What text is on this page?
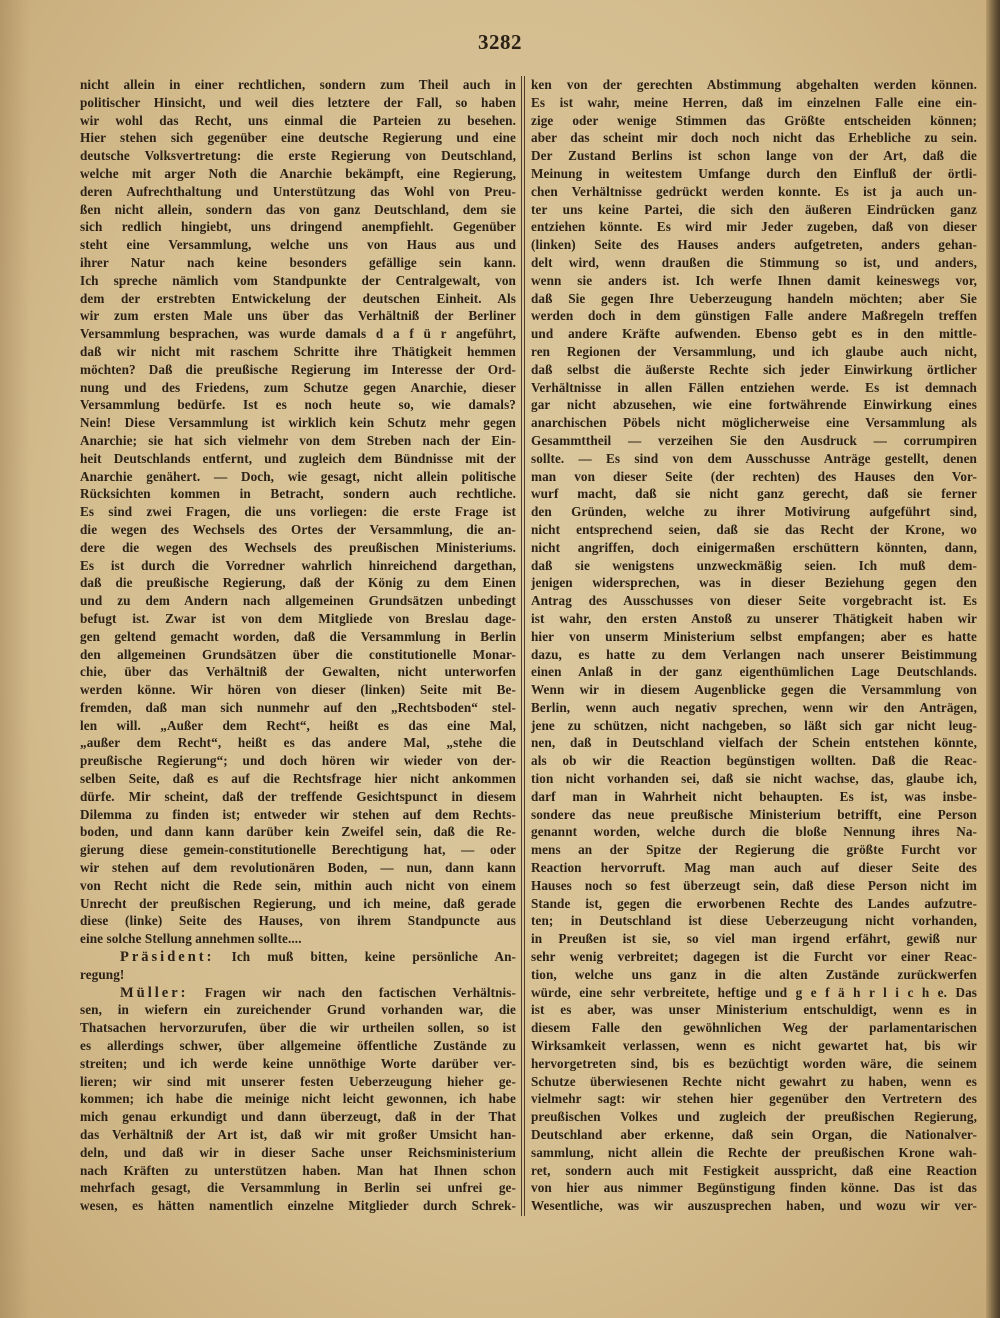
3282
nicht allein in einer rechtlichen, sondern zum Theil auch in
politischer Hinsicht, und weil dies letztere der Fall, so haben
wir wohl das Recht, uns einmal die Parteien zu besehen.
Hier stehen sich gegenüber eine deutsche Regierung und eine
deutsche Volksvertretung: die erste Regierung von Deutschland,
welche mit arger Noth die Anarchie bekämpft, eine Regierung,
deren Aufrechthaltung und Unterstützung das Wohl von Preu-
ßen nicht allein, sondern das von ganz Deutschland, dem sie
sich redlich hingiebt, uns dringend anempfiehlt. Gegenüber
steht eine Versammlung, welche uns von Haus aus und
ihrer Natur nach keine besonders gefällige sein kann.
Ich spreche nämlich vom Standpunkte der Centralgewalt, von
dem der erstrebten Entwickelung der deutschen Einheit. Als
wir zum ersten Male uns über das Verhältniß der Berliner
Versammlung besprachen, was wurde damals d a f ü r angeführt,
daß wir nicht mit raschem Schritte ihre Thätigkeit hemmen
möchten? Daß die preußische Regierung im Interesse der Ord-
nung und des Friedens, zum Schutze gegen Anarchie, dieser
Versammlung bedürfe. Ist es noch heute so, wie damals?
Nein! Diese Versammlung ist wirklich kein Schutz mehr gegen
Anarchie; sie hat sich vielmehr von dem Streben nach der Ein-
heit Deutschlands entfernt, und zugleich dem Bündnisse mit der
Anarchie genähert. — Doch, wie gesagt, nicht allein politische
Rücksichten kommen in Betracht, sondern auch rechtliche.
Es sind zwei Fragen, die uns vorliegen: die erste Frage ist
die wegen des Wechsels des Ortes der Versammlung, die an-
dere die wegen des Wechsels des preußischen Ministeriums.
Es ist durch die Vorredner wahrlich hinreichend dargethan,
daß die preußische Regierung, daß der König zu dem Einen
und zu dem Andern nach allgemeinen Grundsätzen unbedingt
befugt ist. Zwar ist von dem Mitgliede von Breslau dage-
gen geltend gemacht worden, daß die Versammlung in Berlin
den allgemeinen Grundsätzen über die constitutionelle Monar-
chie, über das Verhältniß der Gewalten, nicht unterworfen
werden könne. Wir hören von dieser (linken) Seite mit Be-
fremden, daß man sich nunmehr auf den „Rechtsboden“ stel-
len will. „Außer dem Recht“, heißt es das eine Mal,
„außer dem Recht“, heißt es das andere Mal, „stehe die
preußische Regierung“; und doch hören wir wieder von der-
selben Seite, daß es auf die Rechtsfrage hier nicht ankommen
dürfe. Mir scheint, daß der treffende Gesichtspunct in diesem
Dilemma zu finden ist; entweder wir stehen auf dem Rechts-
boden, und dann kann darüber kein Zweifel sein, daß die Re-
gierung diese gemein-constitutionelle Berechtigung hat, — oder
wir stehen auf dem revolutionären Boden, — nun, dann kann
von Recht nicht die Rede sein, mithin auch nicht von einem
Unrecht der preußischen Regierung, und ich meine, daß gerade
diese (linke) Seite des Hauses, von ihrem Standpuncte aus
eine solche Stellung annehmen sollte....
Präsident: Ich muß bitten, keine persönliche An-
regung!
Müller: Fragen wir nach den factischen Verhältnis-
sen, in wiefern ein zureichender Grund vorhanden war, die
Thatsachen hervorzurufen, über die wir urtheilen sollen, so ist
es allerdings schwer, über allgemeine öffentliche Zustände zu
streiten; und ich werde keine unnöthige Worte darüber ver-
lieren; wir sind mit unserer festen Ueberzeugung hieher ge-
kommen; ich habe die meinige nicht leicht gewonnen, ich habe
mich genau erkundigt und dann überzeugt, daß in der That
das Verhältniß der Art ist, daß wir mit großer Umsicht han-
deln, und daß wir in dieser Sache unser Reichsministerium
nach Kräften zu unterstützen haben. Man hat Ihnen schon
mehrfach gesagt, die Versammlung in Berlin sei unfrei ge-
wesen, es hätten namentlich einzelne Mitglieder durch Schrek-
ken von der gerechten Abstimmung abgehalten werden können.
Es ist wahr, meine Herren, daß im einzelnen Falle eine ein-
zige oder wenige Stimmen das Größte entscheiden können;
aber das scheint mir doch noch nicht das Erhebliche zu sein.
Der Zustand Berlins ist schon lange von der Art, daß die
Meinung in weitestem Umfange durch den Einfluß der örtli-
chen Verhältnisse gedrückt werden konnte. Es ist ja auch un-
ter uns keine Partei, die sich den äußeren Eindrücken ganz
entziehen könnte. Es wird mir Jeder zugeben, daß von dieser
(linken) Seite des Hauses anders aufgetreten, anders gehan-
delt wird, wenn draußen die Stimmung so ist, und anders,
wenn sie anders ist. Ich werfe Ihnen damit keineswegs vor,
daß Sie gegen Ihre Ueberzeugung handeln möchten; aber Sie
werden doch in dem günstigen Falle andere Maßregeln treffen
und andere Kräfte aufwenden. Ebenso gebt es in den mittle-
ren Regionen der Versammlung, und ich glaube auch nicht,
daß selbst die äußerste Rechte sich jeder Einwirkung örtlicher
Verhältnisse in allen Fällen entziehen werde. Es ist demnach
gar nicht abzusehen, wie eine fortwährende Einwirkung eines
anarchischen Pöbels nicht möglicherweise eine Versammlung als
Gesammttheil — verzeihen Sie den Ausdruck — corrumpiren
sollte. — Es sind von dem Ausschusse Anträge gestellt, denen
man von dieser Seite (der rechten) des Hauses den Vor-
wurf macht, daß sie nicht ganz gerecht, daß sie ferner
den Gründen, welche zu ihrer Motivirung aufgeführt sind,
nicht entsprechend seien, daß sie das Recht der Krone, wo
nicht angriffen, doch einigermaßen erschüttern könnten, dann,
daß sie wenigstens unzweckmäßig seien. Ich muß dem-
jenigen widersprechen, was in dieser Beziehung gegen den
Antrag des Ausschusses von dieser Seite vorgebracht ist. Es
ist wahr, den ersten Anstoß zu unserer Thätigkeit haben wir
hier von unserm Ministerium selbst empfangen; aber es hatte
dazu, es hatte zu dem Verlangen nach unserer Beistimmung
einen Anlaß in der ganz eigenthümlichen Lage Deutschlands.
Wenn wir in diesem Augenblicke gegen die Versammlung von
Berlin, wenn auch negativ sprechen, wenn wir den Anträgen,
jene zu schützen, nicht nachgeben, so läßt sich gar nicht leug-
nen, daß in Deutschland vielfach der Schein entstehen könnte,
als ob wir die Reaction begünstigen wollten. Daß die Reac-
tion nicht vorhanden sei, daß sie nicht wachse, das, glaube ich,
darf man in Wahrheit nicht behaupten. Es ist, was insbe-
sondere das neue preußische Ministerium betrifft, eine Person
genannt worden, welche durch die bloße Nennung ihres Na-
mens an der Spitze der Regierung die größte Furcht vor
Reaction hervorruft. Mag man auch auf dieser Seite des
Hauses noch so fest überzeugt sein, daß diese Person nicht im
Stande ist, gegen die erworbenen Rechte des Landes aufzutre-
ten; in Deutschland ist diese Ueberzeugung nicht vorhanden,
in Preußen ist sie, so viel man irgend erfährt, gewiß nur
sehr wenig verbreitet; dagegen ist die Furcht vor einer Reac-
tion, welche uns ganz in die alten Zustände zurückwerfen
würde, eine sehr verbreitete, heftige und g e f ä h r l i c h e. Das
ist es aber, was unser Ministerium entschuldigt, wenn es in
diesem Falle den gewöhnlichen Weg der parlamentarischen
Wirksamkeit verlassen, wenn es nicht gewartet hat, bis wir
hervorgetreten sind, bis es bezüchtigt worden wäre, die seinem
Schutze überwiesenen Rechte nicht gewahrt zu haben, wenn es
vielmehr sagt: wir stehen hier gegenüber den Vertretern des
preußischen Volkes und zugleich der preußischen Regierung,
Deutschland aber erkenne, daß sein Organ, die Nationalver-
sammlung, nicht allein die Rechte der preußischen Krone wah-
ret, sondern auch mit Festigkeit ausspricht, daß eine Reaction
von hier aus nimmer Begünstigung finden könne. Das ist das
Wesentliche, was wir auszusprechen haben, und wozu wir ver-
